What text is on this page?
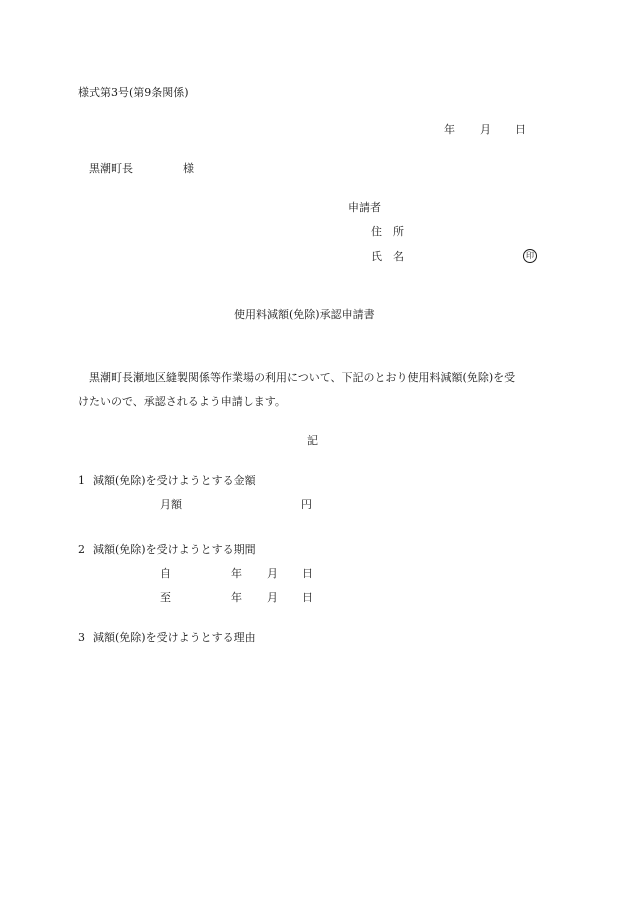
様式第3号(第9条関係)
年 月 日
黒潮町長	様
申請者
住　所
氏　名	印
使用料減額(免除)承認申請書
　黒潮町長瀬地区縫製関係等作業場の利用について、下記のとおり使用料減額(免除)を受
けたいので、承認されるよう申請します。
記
1 減額(免除)を受けようとする金額
月額	円
2 減額(免除)を受けようとする期間
自	年 月 日
至	年 月 日
3 減額(免除)を受けようとする理由
